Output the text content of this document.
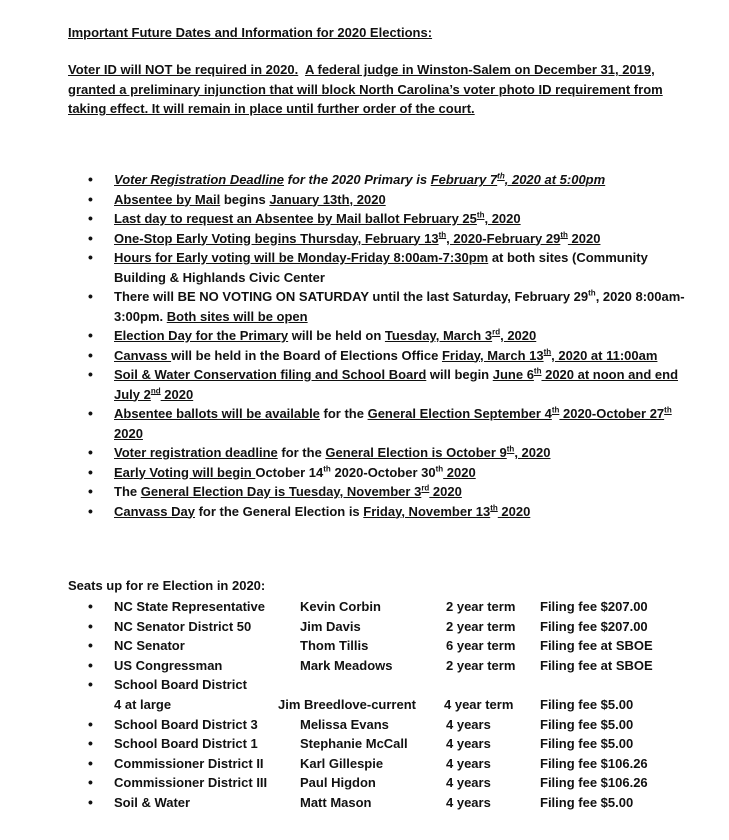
Important Future Dates and Information for 2020 Elections:
Voter ID will NOT be required in 2020. A federal judge in Winston-Salem on December 31, 2019, granted a preliminary injunction that will block North Carolina’s voter photo ID requirement from taking effect. It will remain in place until further order of the court.
• Voter Registration Deadline for the 2020 Primary is February 7th, 2020 at 5:00pm
• Absentee by Mail begins January 13th, 2020
• Last day to request an Absentee by Mail ballot February 25th, 2020
• One-Stop Early Voting begins Thursday, February 13th, 2020-February 29th 2020
• Hours for Early voting will be Monday-Friday 8:00am-7:30pm at both sites (Community Building & Highlands Civic Center
• There will BE NO VOTING ON SATURDAY until the last Saturday, February 29th, 2020 8:00am-3:00pm. Both sites will be open
• Election Day for the Primary will be held on Tuesday, March 3rd, 2020
• Canvass will be held in the Board of Elections Office Friday, March 13th, 2020 at 11:00am
• Soil & Water Conservation filing and School Board will begin June 6th 2020 at noon and end July 2nd 2020
• Absentee ballots will be available for the General Election September 4th 2020-October 27th 2020
• Voter registration deadline for the General Election is October 9th, 2020
• Early Voting will begin October 14th 2020-October 30th 2020
• The General Election Day is Tuesday, November 3rd 2020
• Canvass Day for the General Election is Friday, November 13th 2020
Seats up for re Election in 2020:
• NC State Representative	Kevin Corbin	2 year term Filing fee $207.00
• NC Senator District 50	Jim Davis	2 year term Filing fee $207.00
• NC Senator	Thom Tillis	6 year term Filing fee at SBOE
• US Congressman	Mark Meadows	2 year term Filing fee at SBOE
• School Board District
4 at large	Jim Breedlove-current 4 year term Filing fee $5.00
• School Board District 3	Melissa Evans	4 years	Filing fee $5.00
• School Board District 1	Stephanie McCall	4 years	Filing fee $5.00
• Commissioner District II	Karl Gillespie	4 years	Filing fee $106.26
• Commissioner District III	Paul Higdon	4 years	Filing fee $106.26
• Soil & Water	Matt Mason	4 years	Filing fee $5.00
